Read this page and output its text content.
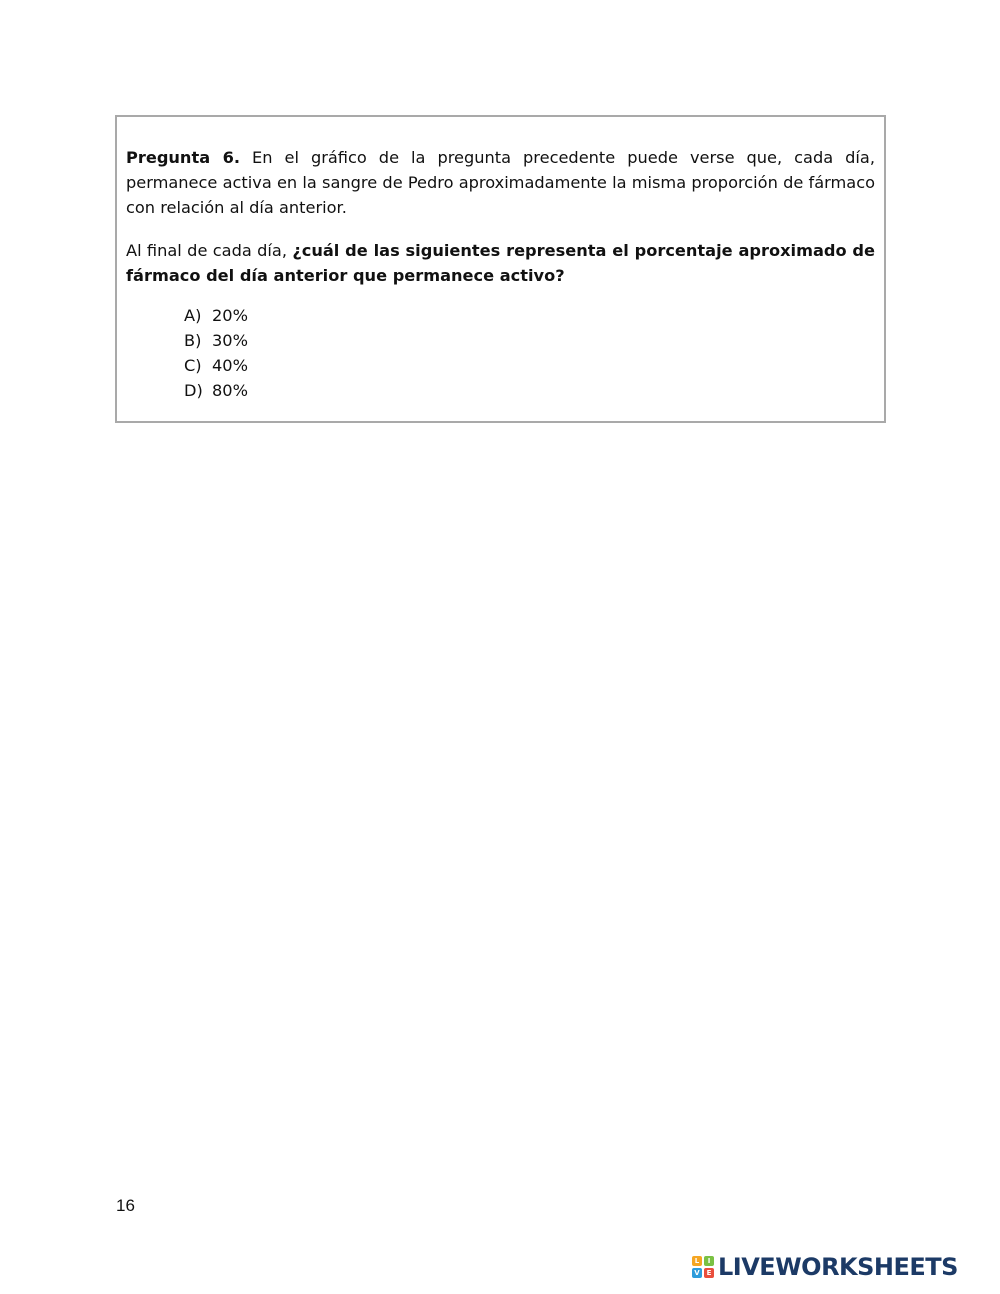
Pregunta 6. En el gráfico de la pregunta precedente puede verse que, cada día, permanece activa en la sangre de Pedro aproximadamente la misma proporción de fármaco con relación al día anterior.

Al final de cada día, ¿cuál de las siguientes representa el porcentaje aproximado de fármaco del día anterior que permanece activo?

A) 20%
B) 30%
C) 40%
D) 80%
16
L	I
V E LIVEWORKSHEETS
